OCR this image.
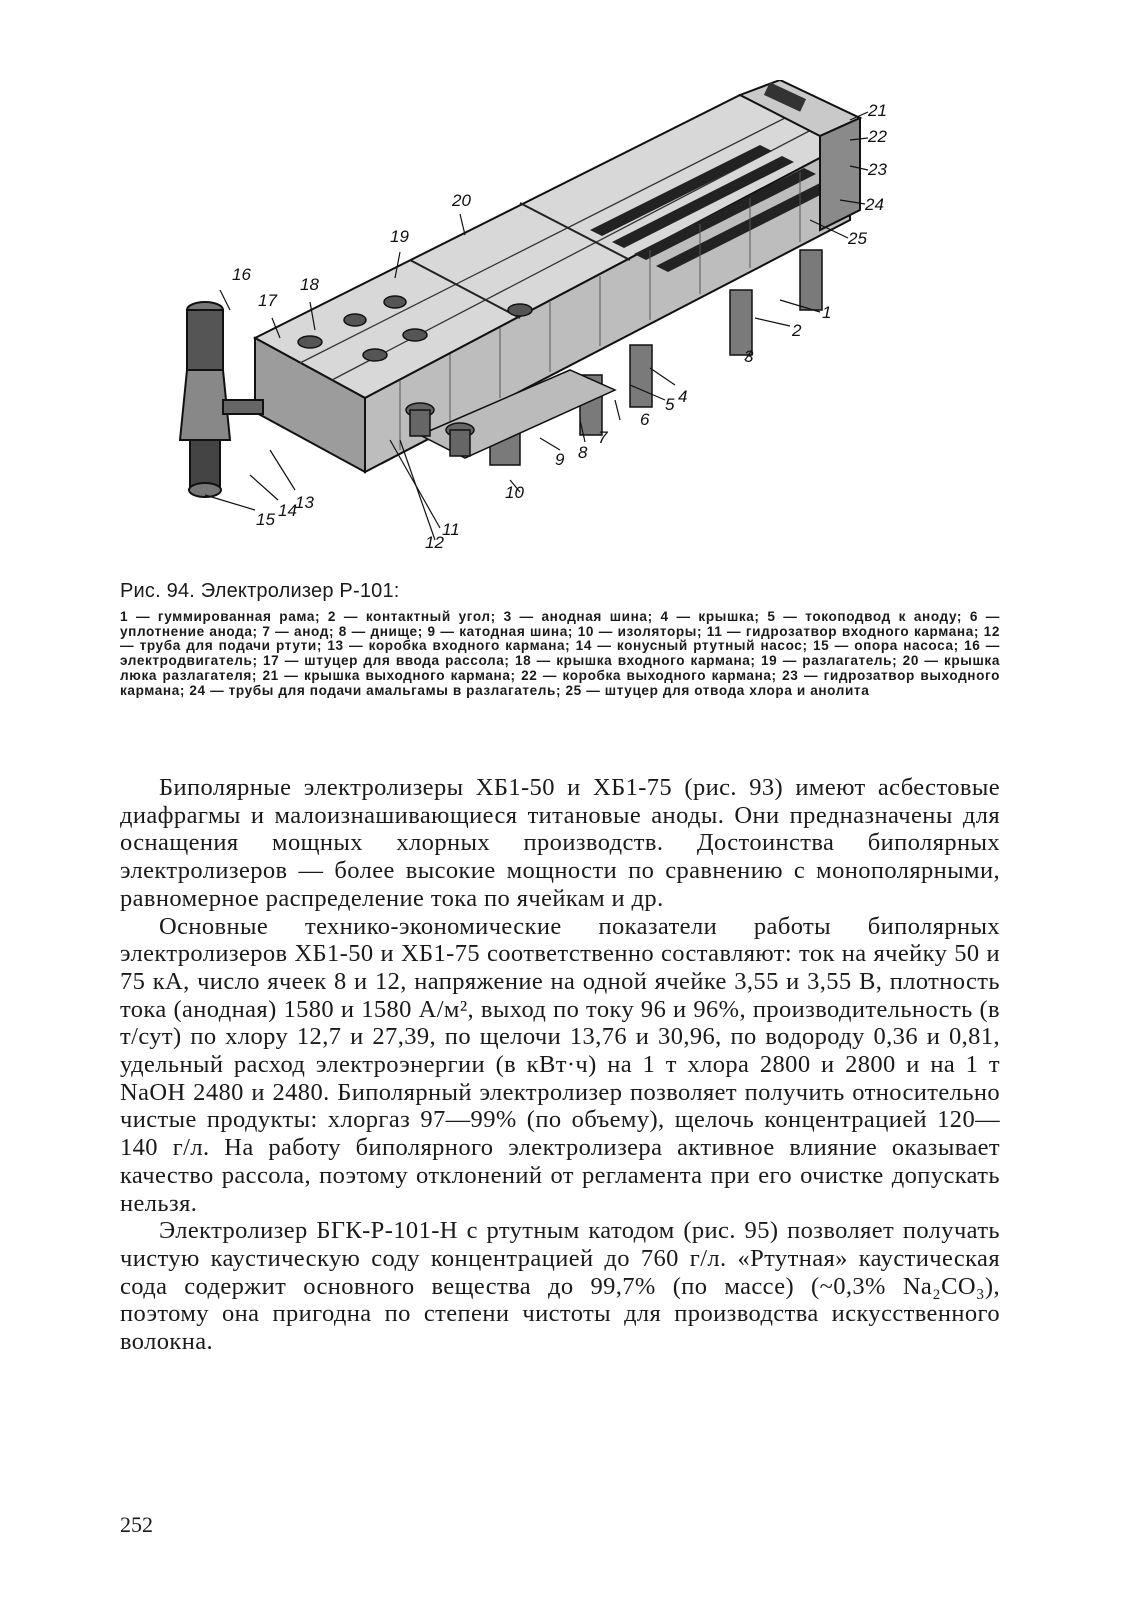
21
22
23
24
25
1
2
3
4
5
6
7
8
9
10
11
12
13
14
15
16
17
18
19
20
Рис. 94. Электролизер Р-101:

1 — гуммированная рама; 2 — контактный угол; 3 — анодная шина; 4 — крышка; 5 — токоподвод к аноду; 6 — уплотнение анода; 7 — анод; 8 — днище; 9 — катодная шина; 10 — изоляторы; 11 — гидрозатвор входного кармана; 12 — труба для подачи ртути; 13 — коробка входного кармана; 14 — конусный ртутный насос; 15 — опора насоса; 16 — электродвигатель; 17 — штуцер для ввода рассола; 18 — крышка входного кармана; 19 — разлагатель; 20 — крышка люка разлагателя; 21 — крышка выходного кармана; 22 — коробка выходного кармана; 23 — гидрозатвор выходного кармана; 24 — трубы для подачи амальгамы в разлагатель; 25 — штуцер для отвода хлора и анолита

Биполярные электролизеры ХБ1-50 и ХБ1-75 (рис. 93) имеют асбестовые диафрагмы и малоизнашивающиеся титановые аноды. Они предназначены для оснащения мощных хлорных производств. Достоинства биполярных электролизеров — более высокие мощности по сравнению с монополярными, равномерное распределение тока по ячейкам и др.

Основные технико-экономические показатели работы биполярных электролизеров ХБ1-50 и ХБ1-75 соответственно составляют: ток на ячейку 50 и 75 кА, число ячеек 8 и 12, напряжение на одной ячейке 3,55 и 3,55 В, плотность тока (анодная) 1580 и 1580 А/м², выход по току 96 и 96%, производительность (в т/сут) по хлору 12,7 и 27,39, по щелочи 13,76 и 30,96, по водороду 0,36 и 0,81, удельный расход электроэнергии (в кВт·ч) на 1 т хлора 2800 и 2800 и на 1 т NaOH 2480 и 2480. Биполярный электролизер позволяет получить относительно чистые продукты: хлоргаз 97—99% (по объему), щелочь концентрацией 120—140 г/л. На работу биполярного электролизера активное влияние оказывает качество рассола, поэтому отклонений от регламента при его очистке допускать нельзя.

Электролизер БГК-Р-101-Н с ртутным катодом (рис. 95) позволяет получать чистую каустическую соду концентрацией до 760 г/л. «Ртутная» каустическая сода содержит основного вещества до 99,7% (по массе) (~0,3% Na₂CO₃), поэтому она пригодна по степени чистоты для производства искусственного волокна.

252
